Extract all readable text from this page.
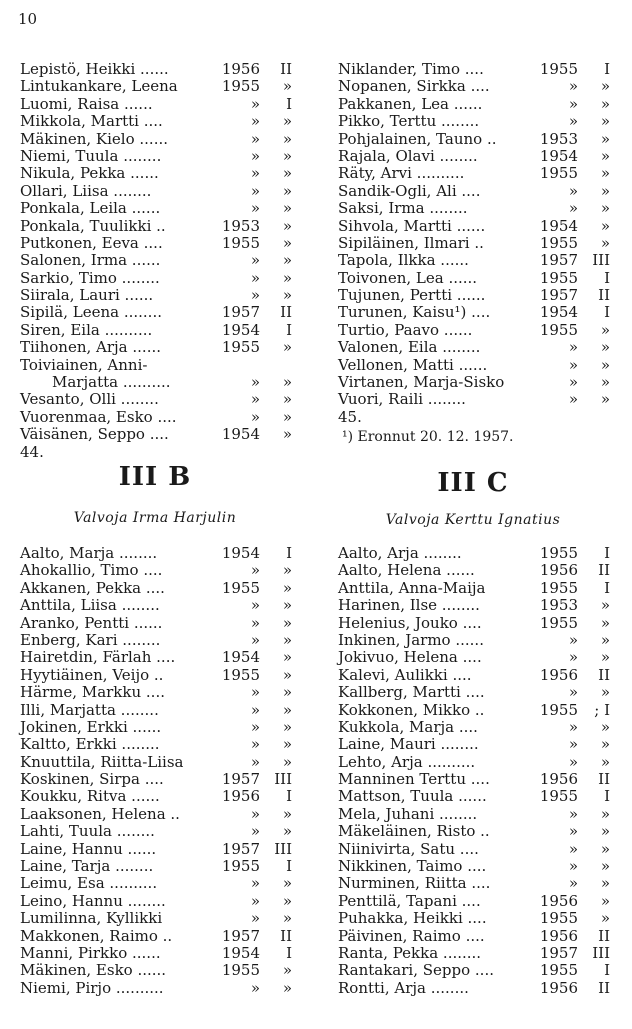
10
Lepistö, Heikki ......	1956	II
Lintukankare, Leena	1955	»
Luomi, Raisa ......	»	I
Mikkola, Martti ....	»	»
Mäkinen, Kielo ......	»	»
Niemi, Tuula ........	»	»
Nikula, Pekka ......	»	»
Ollari, Liisa ........	»	»
Ponkala, Leila ......	»	»
Ponkala, Tuulikki ..	1953	»
Putkonen, Eeva ....	1955	»
Salonen, Irma ......	»	»
Sarkio, Timo ........	»	»
Siirala, Lauri ......	»	»
Sipilä, Leena ........	1957	II
Siren, Eila ..........	1954	I
Tiihonen, Arja ......	1955	»
Toiviainen, Anni-
Marjatta ..........	»	»
Vesanto, Olli ........	»	»
Vuorenmaa, Esko ....	»	»
Väisänen, Seppo ....	1954	»
44.
Niklander, Timo ....	1955	I
Nopanen, Sirkka ....	»	»
Pakkanen, Lea ......	»	»
Pikko, Terttu ........	»	»
Pohjalainen, Tauno ..	1953	»
Rajala, Olavi ........	1954	»
Räty, Arvi ..........	1955	»
Sandik-Ogli, Ali ....	»	»
Saksi, Irma ........	»	»
Sihvola, Martti ......	1954	»
Sipiläinen, Ilmari ..	1955	»
Tapola, Ilkka ......	1957 III
Toivonen, Lea ......	1955	I
Tujunen, Pertti ......	1957	II
Turunen, Kaisu¹) ....	1954	I
Turtio, Paavo ......	1955	»
Valonen, Eila ........	»	»
Vellonen, Matti ......	»	»
Virtanen, Marja-Sisko	»	»
Vuori, Raili ........	»	»
45.
¹) Eronnut 20. 12. 1957.
III B
Valvoja Irma Harjulin
III C
Valvoja Kerttu Ignatius
Aalto, Marja ........	1954	I
Ahokallio, Timo ....	»	»
Akkanen, Pekka ....	1955	»
Anttila, Liisa ........	»	»
Aranko, Pentti ......	»	»
Enberg, Kari ........	»	»
Hairetdin, Färlah ....	1954	»
Hyytiäinen, Veijo ..	1955	»
Härme, Markku ....	»	»
Illi, Marjatta ........	»	»
Jokinen, Erkki ......	»	»
Kaltto, Erkki ........	»	»
Knuuttila, Riitta-Liisa	»	»
Koskinen, Sirpa ....	1957 III
Koukku, Ritva ......	1956	I
Laaksonen, Helena ..	»	»
Lahti, Tuula ........	»	»
Laine, Hannu ......	1957 III
Laine, Tarja ........	1955	I
Leimu, Esa ..........	»	»
Leino, Hannu ........	»	»
Lumilinna, Kyllikki	»	»
Makkonen, Raimo ..	1957	II
Manni, Pirkko ......	1954	I
Mäkinen, Esko ......	1955	»
Niemi, Pirjo ..........	»	»
Aalto, Arja ........	1955	I
Aalto, Helena ......	1956	II
Anttila, Anna-Maija	1955	I
Harinen, Ilse ........	1953	»
Helenius, Jouko ....	1955	»
Inkinen, Jarmo ......	»	»
Jokivuo, Helena ....	»	»
Kalevi, Aulikki ....	1956	II
Kallberg, Martti ....	»	»
Kokkonen, Mikko ..	1955	; I
Kukkola, Marja ....	»	»
Laine, Mauri ........	»	»
Lehto, Arja ..........	»	»
Manninen Terttu ....	1956	II
Mattson, Tuula ......	1955	I
Mela, Juhani ........	»	»
Mäkeläinen, Risto ..	»	»
Niinivirta, Satu ....	»	»
Nikkinen, Taimo ....	»	»
Nurminen, Riitta ....	»	»
Penttilä, Tapani ....	1956	»
Puhakka, Heikki ....	1955	»
Päivinen, Raimo ....	1956	II
Ranta, Pekka ........	1957 III
Rantakari, Seppo ....	1955	I
Rontti, Arja ........	1956	II
